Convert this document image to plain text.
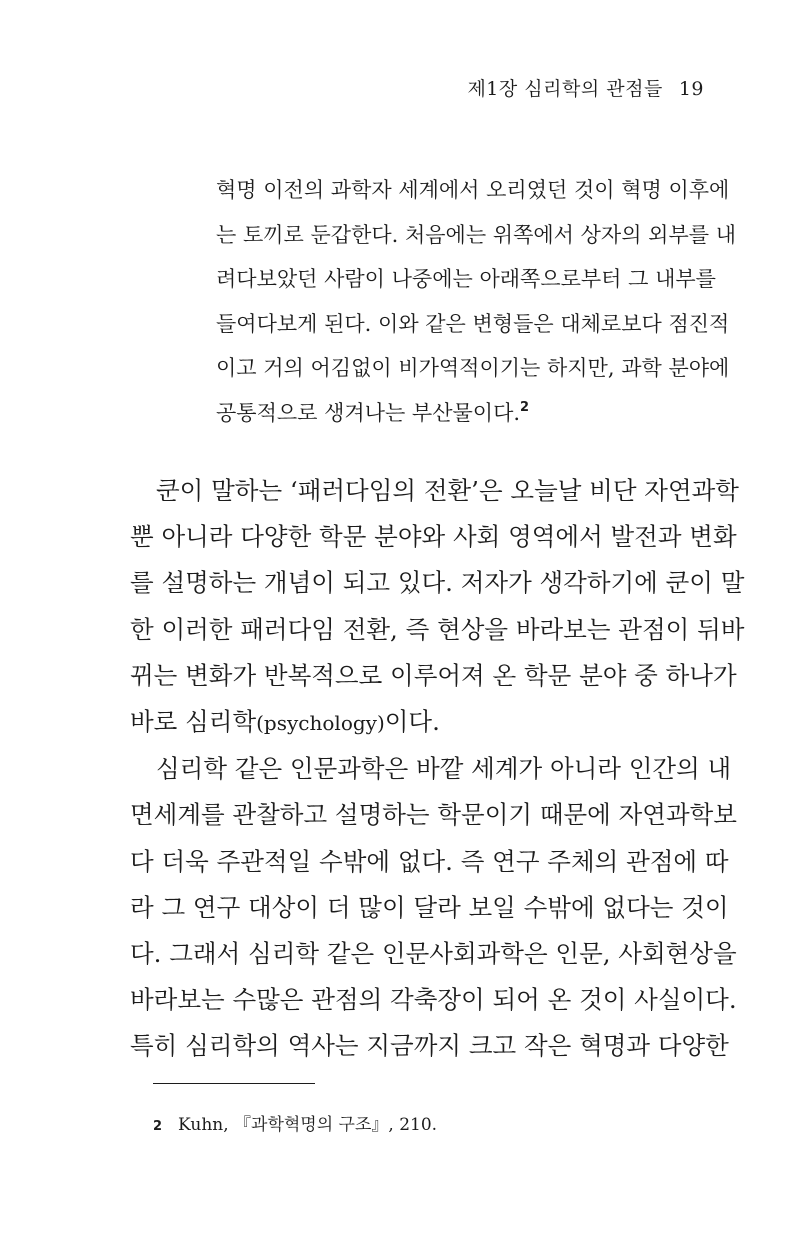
제1장 심리학의 관점들 19
혁명 이전의 과학자 세계에서 오리였던 것이 혁명 이후에
는 토끼로 둔갑한다. 처음에는 위쪽에서 상자의 외부를 내
려다보았던 사람이 나중에는 아래쪽으로부터 그 내부를
들여다보게 된다. 이와 같은 변형들은 대체로보다 점진적
이고 거의 어김없이 비가역적이기는 하지만, 과학 분야에
공통적으로 생겨나는 부산물이다.$^2$
쿤이 말하는 ‘패러다임의 전환’은 오늘날 비단 자연과학
뿐 아니라 다양한 학문 분야와 사회 영역에서 발전과 변화
를 설명하는 개념이 되고 있다. 저자가 생각하기에 쿤이 말
한 이러한 패러다임 전환, 즉 현상을 바라보는 관점이 뒤바
뀌는 변화가 반복적으로 이루어져 온 학문 분야 중 하나가
바로 심리학(psychology)이다.
심리학 같은 인문과학은 바깥 세계가 아니라 인간의 내
면세계를 관찰하고 설명하는 학문이기 때문에 자연과학보
다 더욱 주관적일 수밖에 없다. 즉 연구 주체의 관점에 따
라 그 연구 대상이 더 많이 달라 보일 수밖에 없다는 것이
다. 그래서 심리학 같은 인문사회과학은 인문, 사회현상을
바라보는 수많은 관점의 각축장이 되어 온 것이 사실이다.
특히 심리학의 역사는 지금까지 크고 작은 혁명과 다양한
2 Kuhn, 『과학혁명의 구조』, 210.
